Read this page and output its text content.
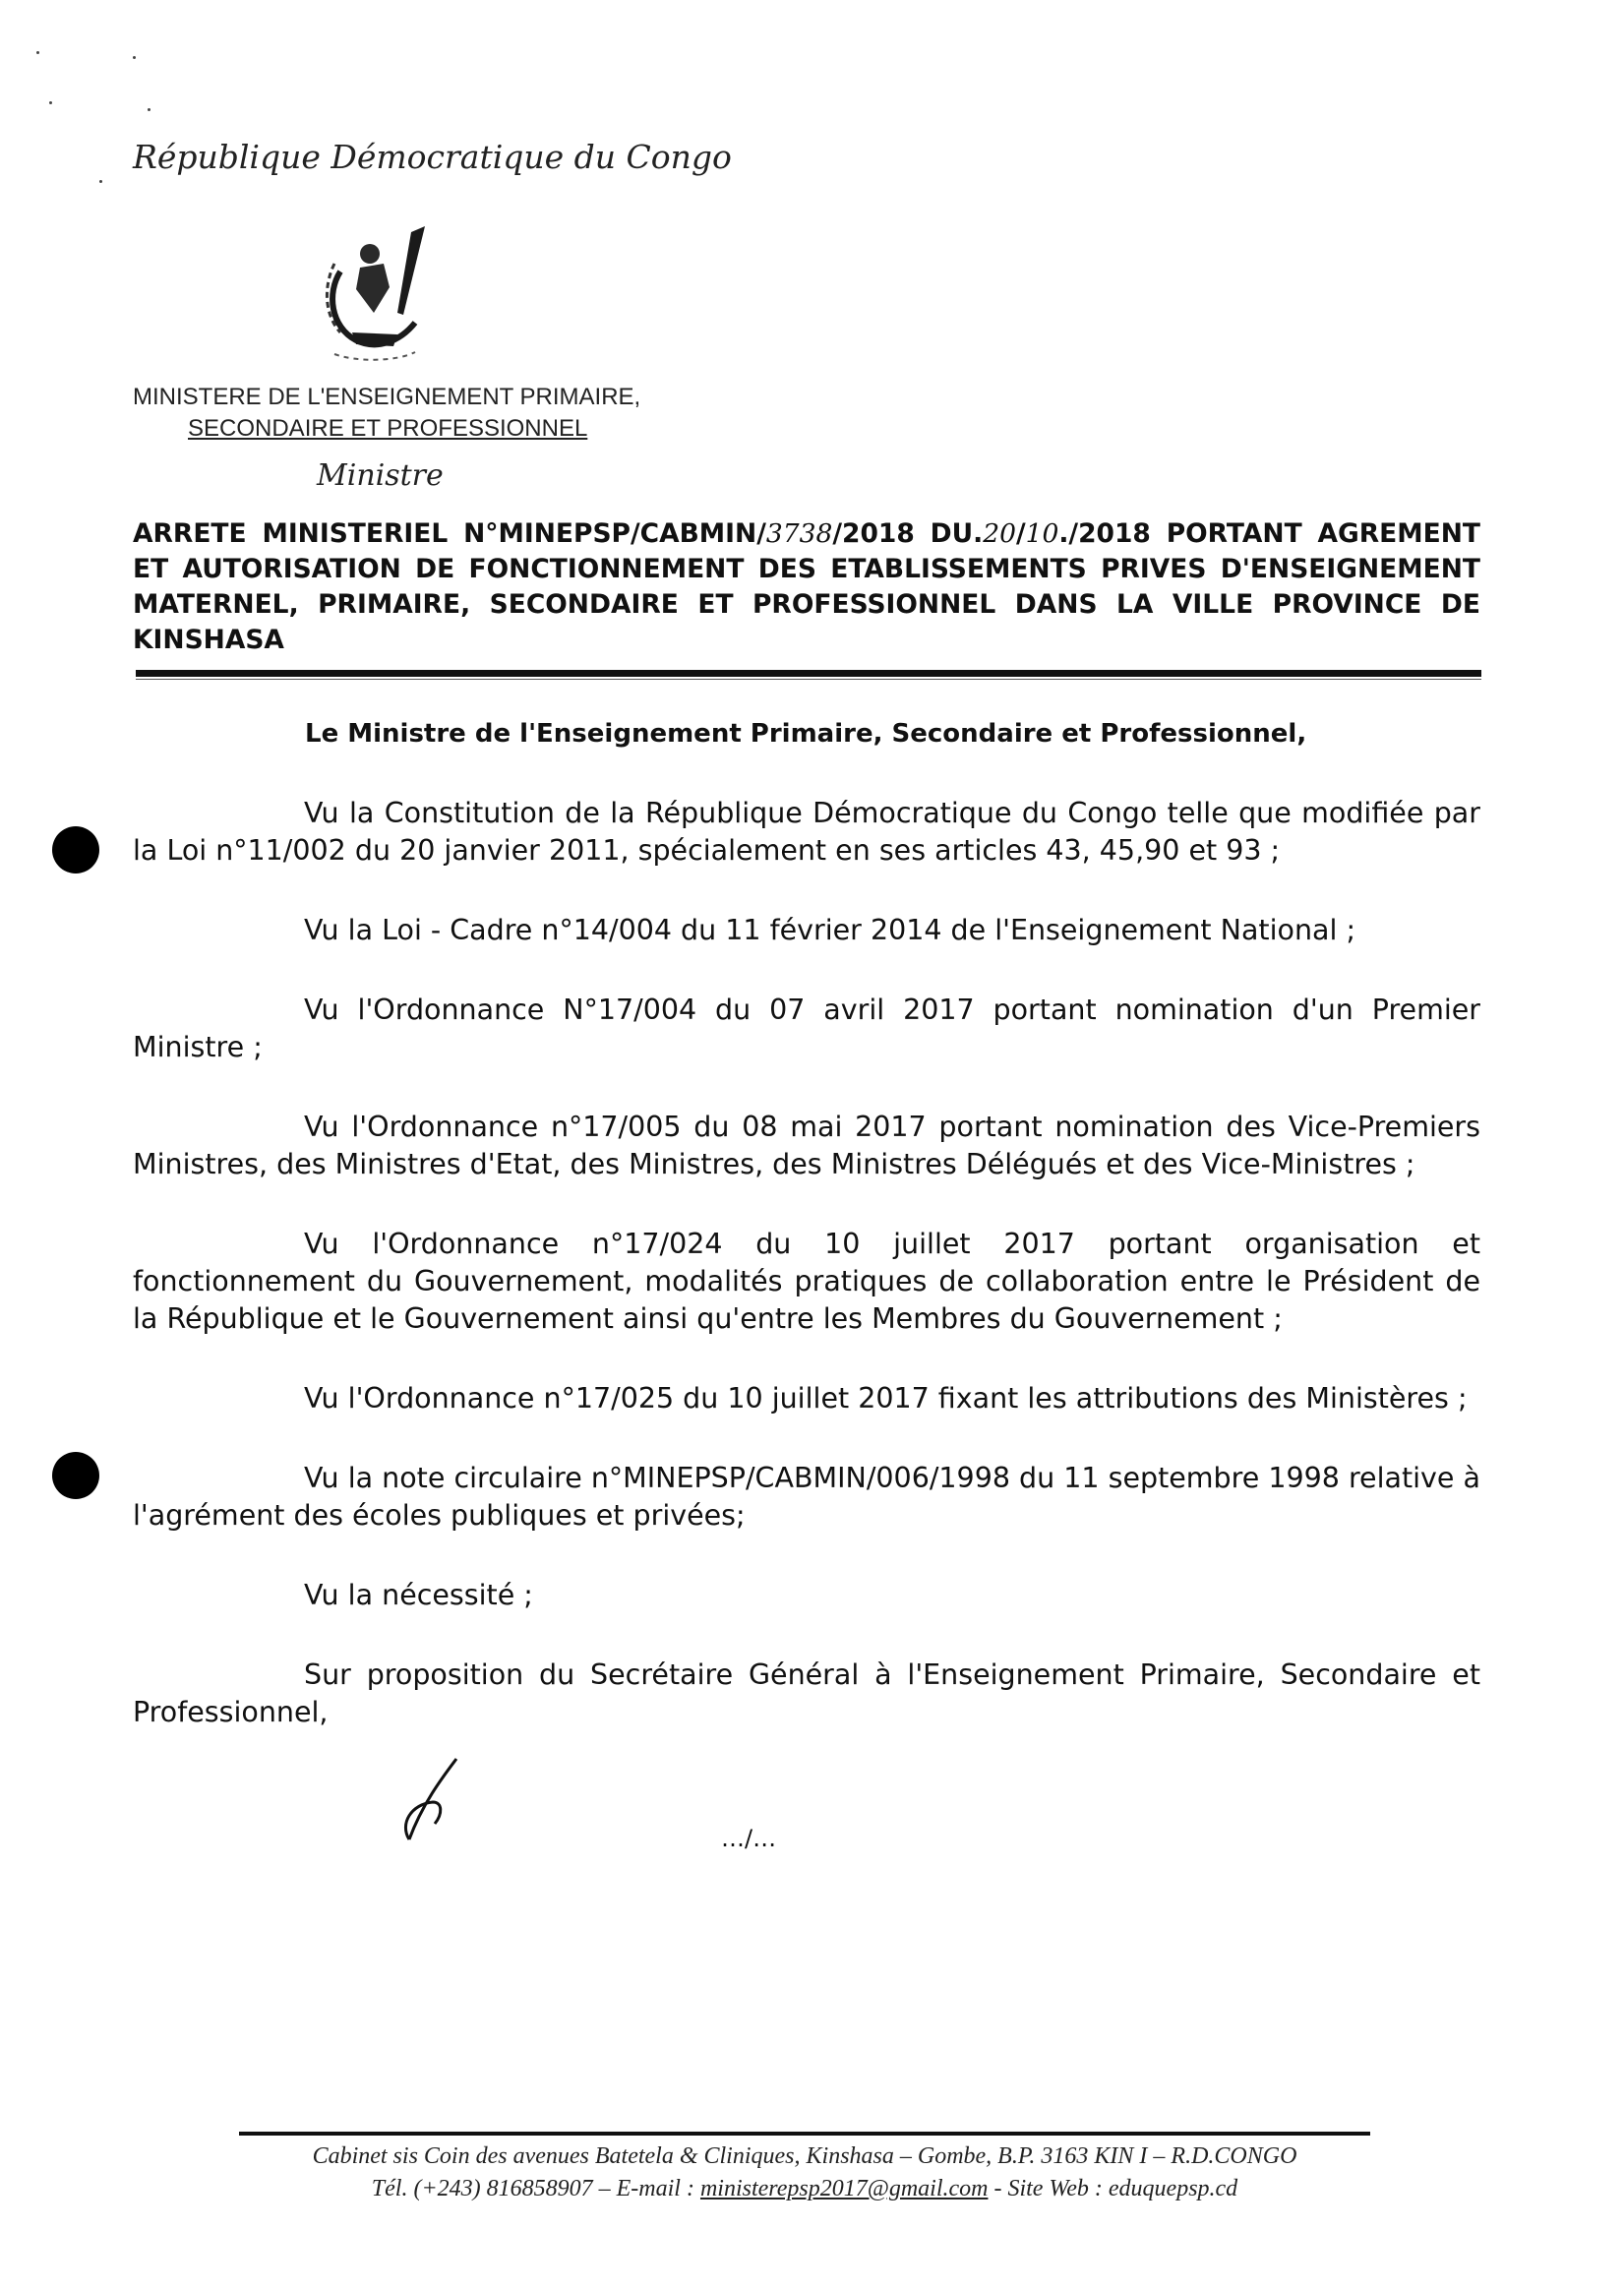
République Démocratique du Congo
MINISTERE DE L'ENSEIGNEMENT PRIMAIRE,
SECONDAIRE ET PROFESSIONNEL
Ministre
ARRETE MINISTERIEL N°MINEPSP/CABMIN/3738/2018 DU.20/10./2018 PORTANT AGREMENT ET AUTORISATION DE FONCTIONNEMENT DES ETABLISSEMENTS PRIVES D'ENSEIGNEMENT MATERNEL, PRIMAIRE, SECONDAIRE ET PROFESSIONNEL DANS LA VILLE PROVINCE DE KINSHASA
Le Ministre de l'Enseignement Primaire, Secondaire et Professionnel,

Vu la Constitution de la République Démocratique du Congo telle que modifiée par la Loi n°11/002 du 20 janvier 2011, spécialement en ses articles 43, 45,90 et 93 ;

Vu la Loi - Cadre n°14/004 du 11 février 2014 de l'Enseignement National ;

Vu l'Ordonnance N°17/004 du 07 avril 2017 portant nomination d'un Premier Ministre ;

Vu l'Ordonnance n°17/005 du 08 mai 2017 portant nomination des Vice-Premiers Ministres, des Ministres d'Etat, des Ministres, des Ministres Délégués et des Vice-Ministres ;

Vu l'Ordonnance n°17/024 du 10 juillet 2017 portant organisation et fonctionnement du Gouvernement, modalités pratiques de collaboration entre le Président de la République et le Gouvernement ainsi qu'entre les Membres du Gouvernement ;

Vu l'Ordonnance n°17/025 du 10 juillet 2017 fixant les attributions des Ministères ;

Vu la note circulaire n°MINEPSP/CABMIN/006/1998 du 11 septembre 1998 relative à l'agrément des écoles publiques et privées;

Vu la nécessité ;

Sur proposition du Secrétaire Général à l'Enseignement Primaire, Secondaire et Professionnel,

…/…
Cabinet sis Coin des avenues Batetela & Cliniques, Kinshasa – Gombe, B.P. 3163 KIN I – R.D.CONGO
Tél. (+243) 816858907 – E-mail : ministerepsp2017@gmail.com - Site Web : eduquepsp.cd
